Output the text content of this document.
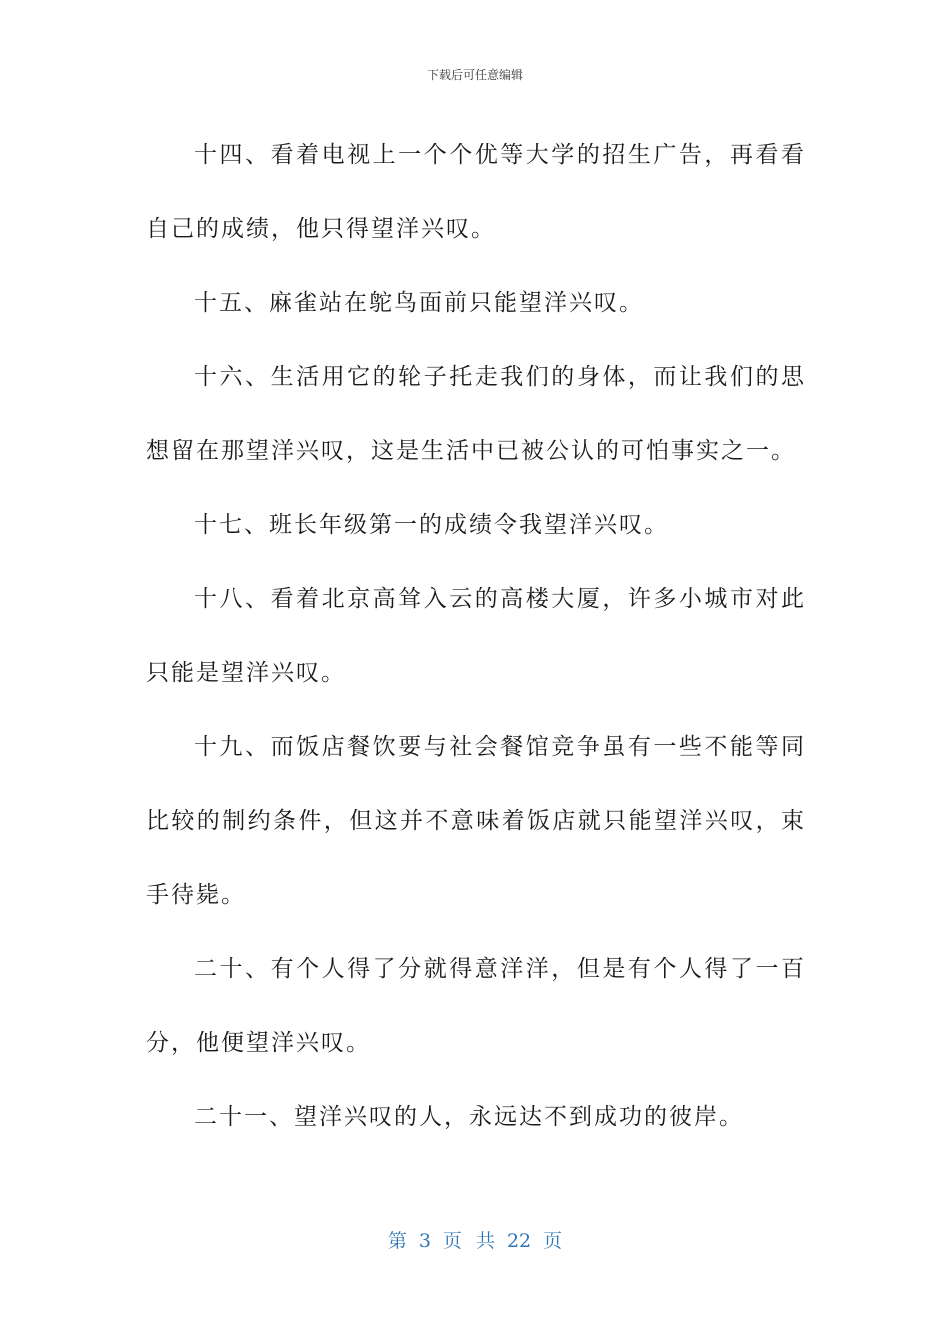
下载后可任意编辑

十四、看着电视上一个个优等大学的招生广告，再看看自己的成绩，他只得望洋兴叹。

十五、麻雀站在鸵鸟面前只能望洋兴叹。

十六、生活用它的轮子托走我们的身体，而让我们的思想留在那望洋兴叹，这是生活中已被公认的可怕事实之一。

十七、班长年级第一的成绩令我望洋兴叹。

十八、看着北京高耸入云的高楼大厦，许多小城市对此只能是望洋兴叹。

十九、而饭店餐饮要与社会餐馆竞争虽有一些不能等同比较的制约条件，但这并不意味着饭店就只能望洋兴叹，束手待毙。

二十、有个人得了分就得意洋洋，但是有个人得了一百分，他便望洋兴叹。

二十一、望洋兴叹的人，永远达不到成功的彼岸。

第 3 页 共 22 页
